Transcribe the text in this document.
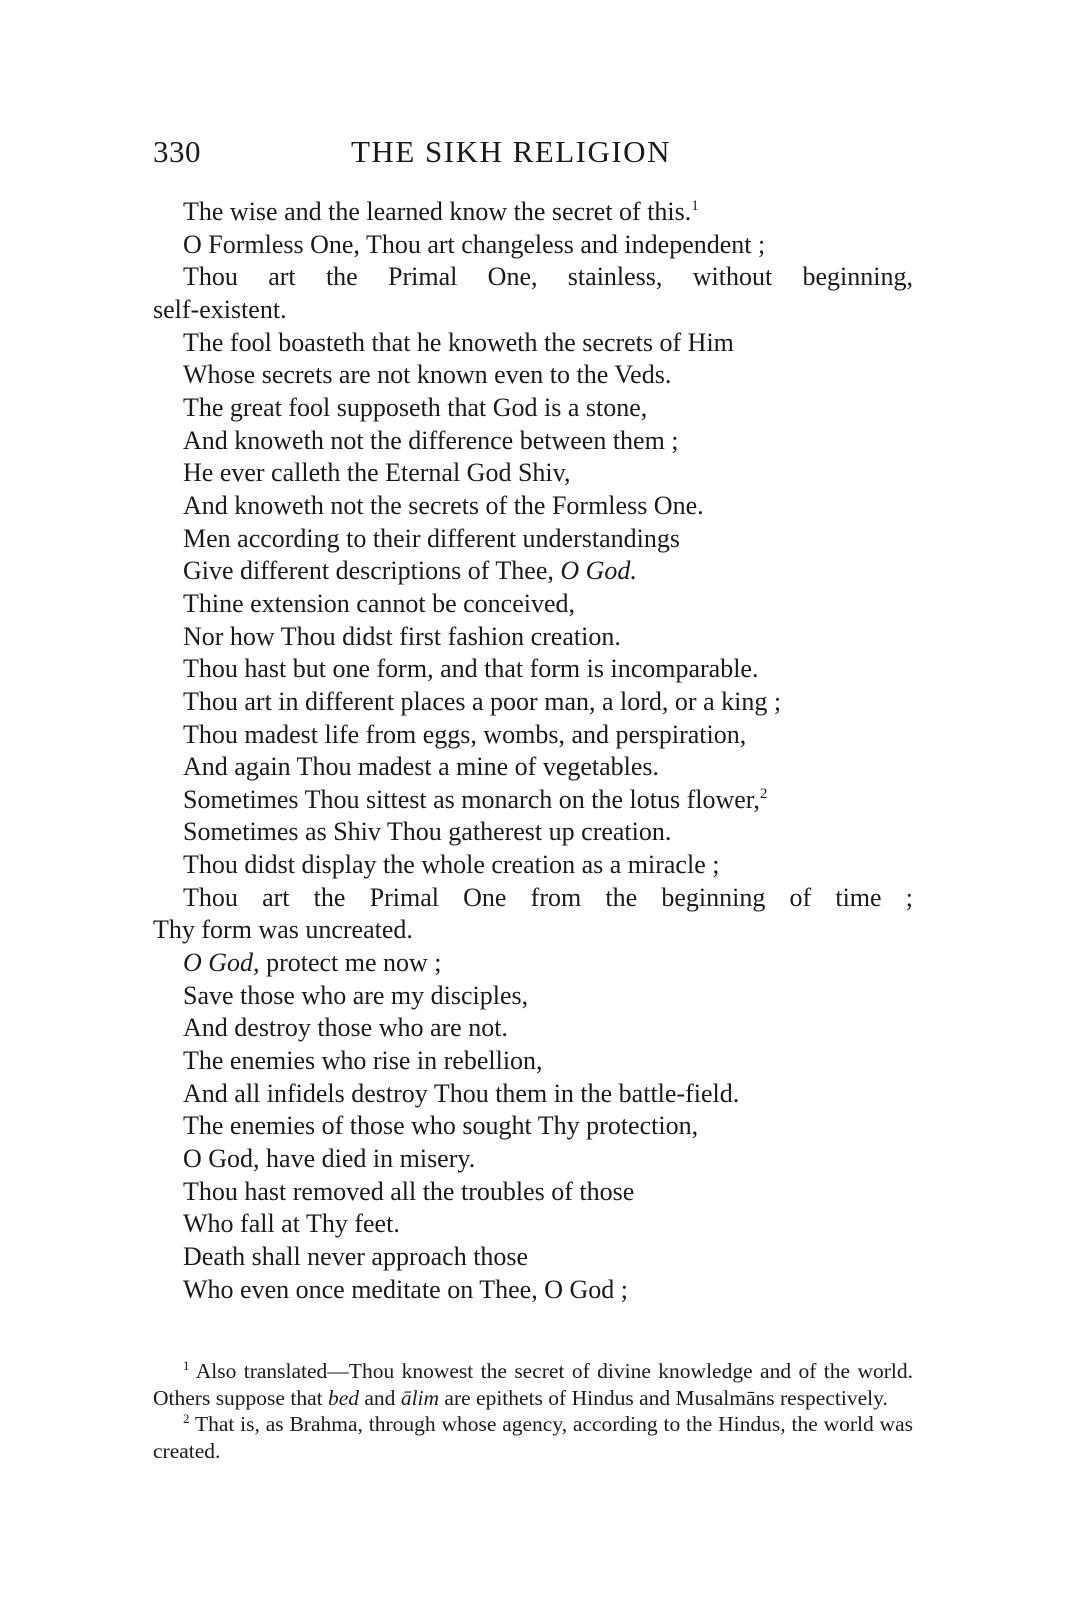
330	THE SIKH RELIGION
The wise and the learned know the secret of this.$^1$
O Formless One, Thou art changeless and independent ;
Thou art the Primal One, stainless, without beginning,
self-existent.
The fool boasteth that he knoweth the secrets of Him
Whose secrets are not known even to the Veds.
The great fool supposeth that God is a stone,
And knoweth not the difference between them ;
He ever calleth the Eternal God Shiv,
And knoweth not the secrets of the Formless One.
Men according to their different understandings
Give different descriptions of Thee, O God.
Thine extension cannot be conceived,
Nor how Thou didst first fashion creation.
Thou hast but one form, and that form is incomparable.
Thou art in different places a poor man, a lord, or a king ;
Thou madest life from eggs, wombs, and perspiration,
And again Thou madest a mine of vegetables.
Sometimes Thou sittest as monarch on the lotus flower,$^2$
Sometimes as Shiv Thou gatherest up creation.
Thou didst display the whole creation as a miracle ;
Thou art the Primal One from the beginning of time ;
Thy form was uncreated.
O God, protect me now ;
Save those who are my disciples,
And destroy those who are not.
The enemies who rise in rebellion,
And all infidels destroy Thou them in the battle-field.
The enemies of those who sought Thy protection,
O God, have died in misery.
Thou hast removed all the troubles of those
Who fall at Thy feet.
Death shall never approach those
Who even once meditate on Thee, O God ;
$^1$ Also translated—Thou knowest the secret of divine knowledge and of the world. Others suppose that bed and ālim are epithets of Hindus and Musalmāns respectively.
$^2$ That is, as Brahma, through whose agency, according to the Hindus, the world was created.
